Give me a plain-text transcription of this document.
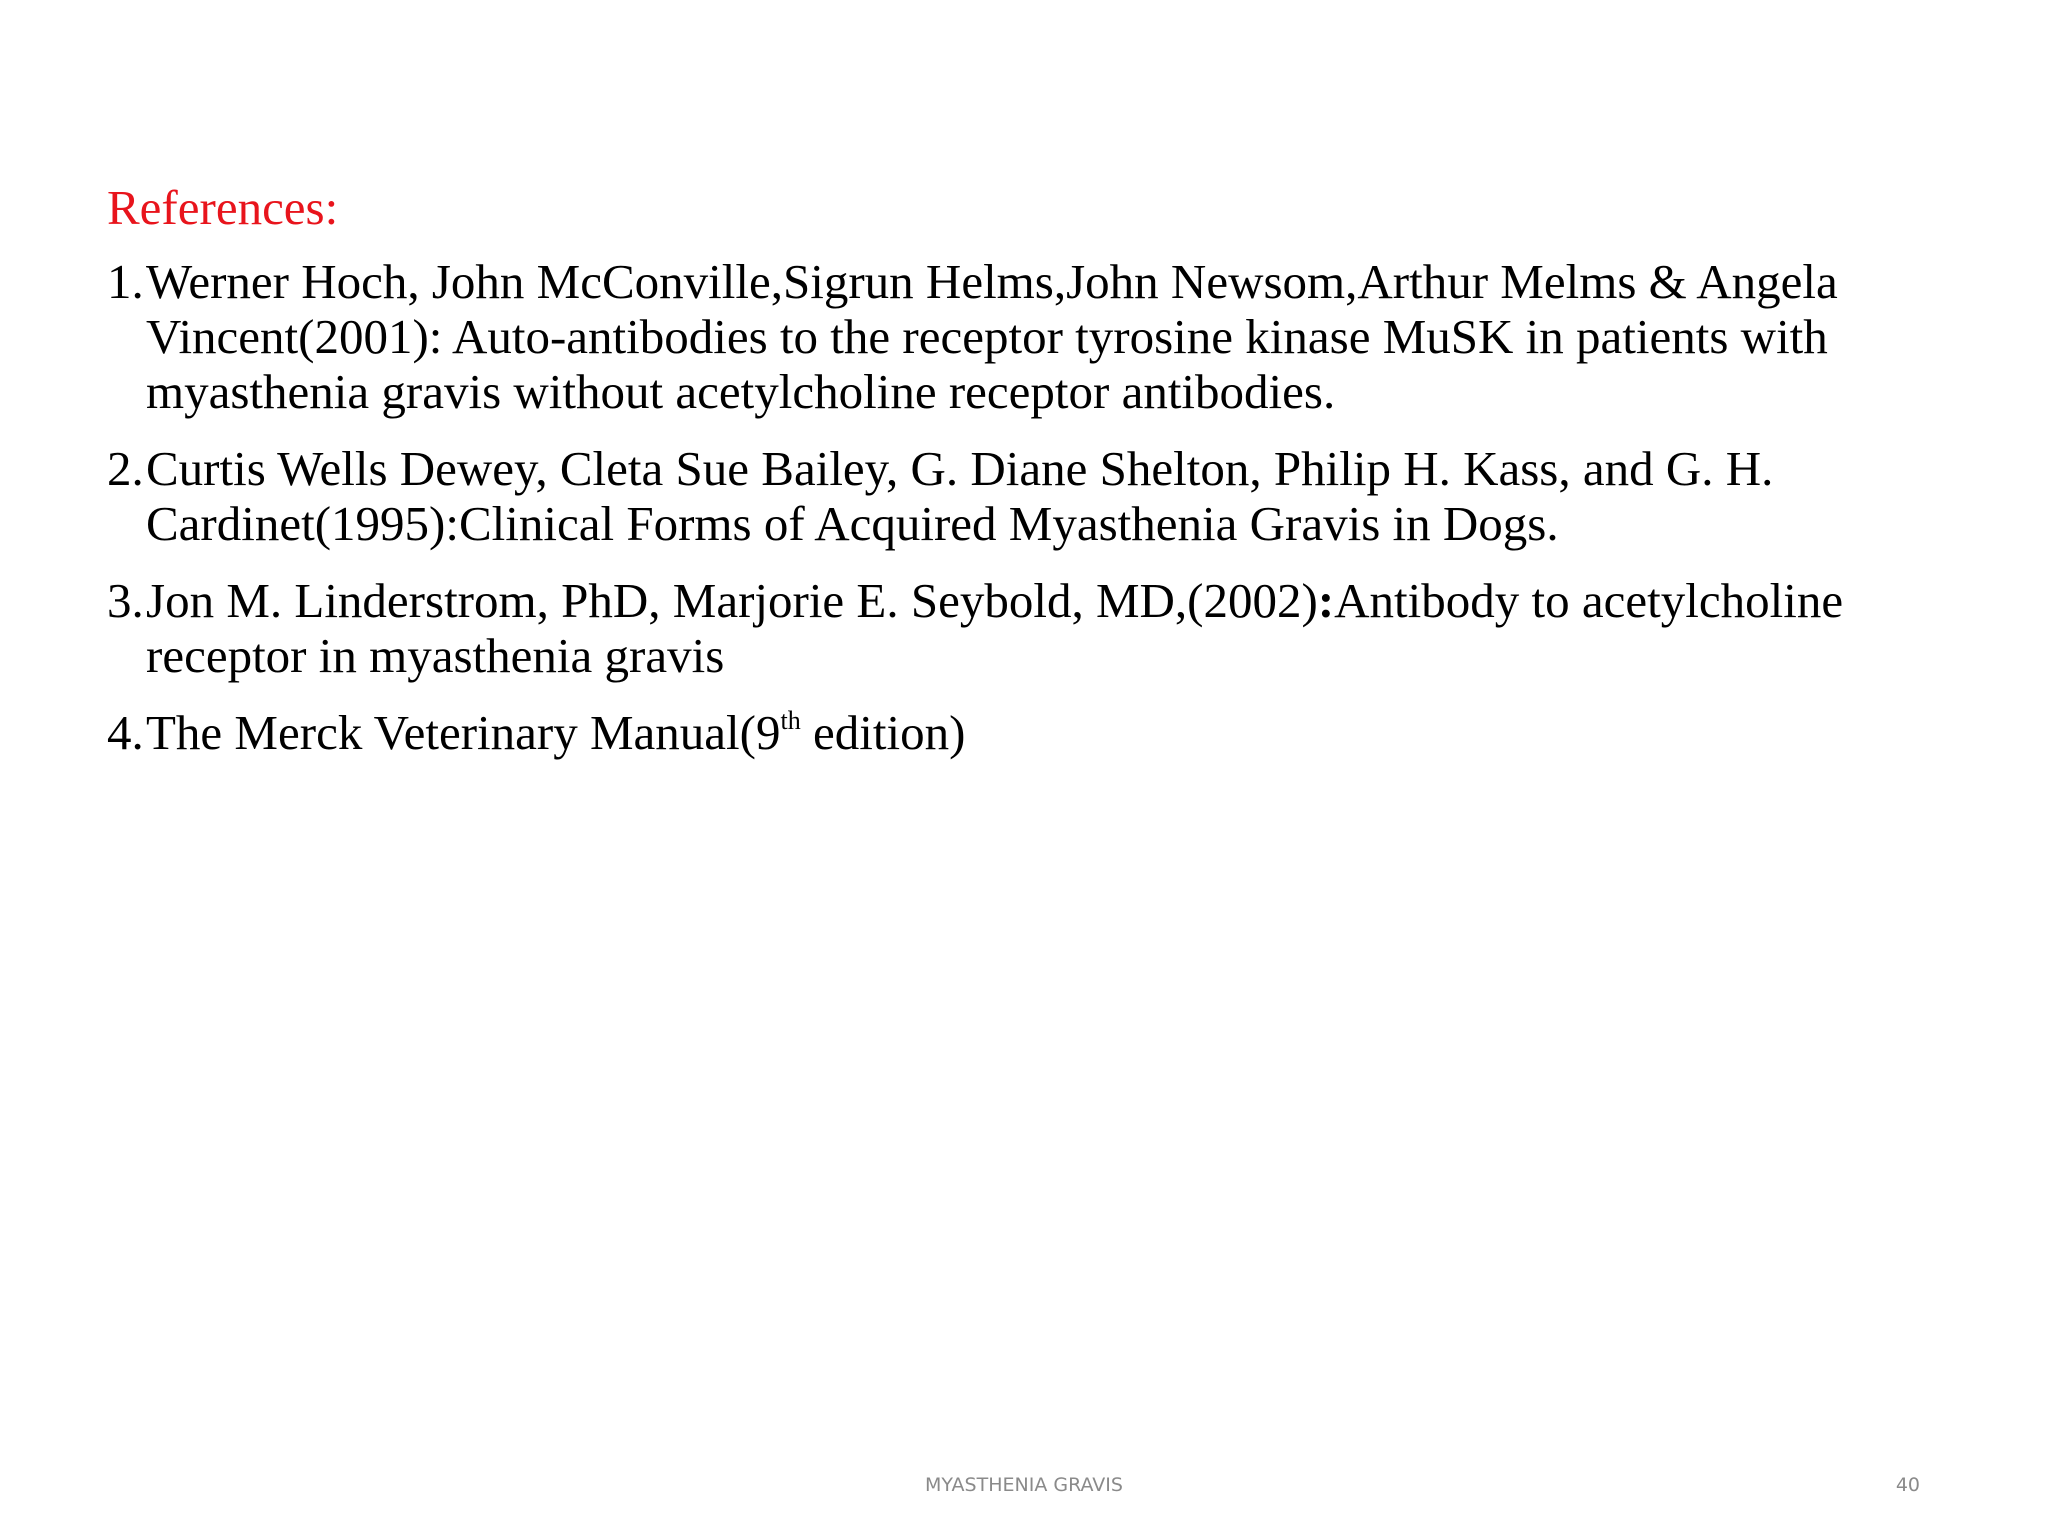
References:
1. Werner Hoch, John McConville,Sigrun Helms,John Newsom,Arthur Melms & Angela Vincent(2001): Auto-antibodies to the receptor tyrosine kinase MuSK in patients with myasthenia gravis without acetylcholine receptor antibodies.
2. Curtis Wells Dewey, Cleta Sue Bailey, G. Diane Shelton, Philip H. Kass, and G. H. Cardinet(1995):Clinical Forms of Acquired Myasthenia Gravis in Dogs.
3. Jon M. Linderstrom, PhD, Marjorie E. Seybold, MD,(2002):Antibody to acetylcholine receptor in myasthenia gravis
4. The Merck Veterinary Manual(9th edition)
MYASTHENIA GRAVIS	40
